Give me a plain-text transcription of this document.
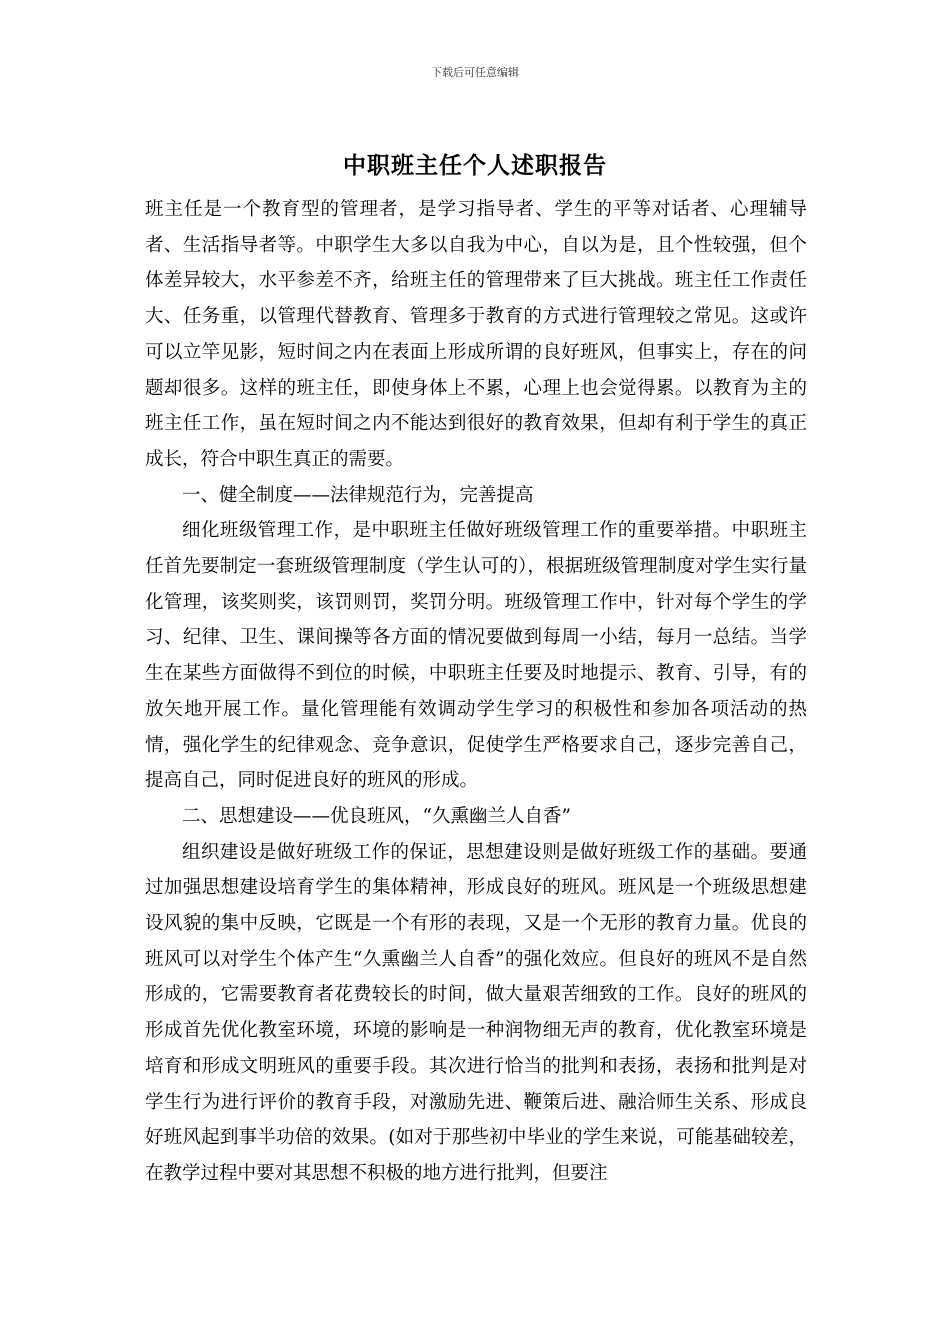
下载后可任意编辑
中职班主任个人述职报告

班主任是一个教育型的管理者，是学习指导者、学生的平等对话者、心理辅导者、生活指导者等。中职学生大多以自我为中心，自以为是，且个性较强，但个体差异较大，水平参差不齐，给班主任的管理带来了巨大挑战。班主任工作责任大、任务重，以管理代替教育、管理多于教育的方式进行管理较之常见。这或许可以立竿见影，短时间之内在表面上形成所谓的良好班风，但事实上，存在的问题却很多。这样的班主任，即使身体上不累，心理上也会觉得累。以教育为主的班主任工作，虽在短时间之内不能达到很好的教育效果，但却有利于学生的真正成长，符合中职生真正的需要。

一、健全制度——法律规范行为，完善提高

细化班级管理工作，是中职班主任做好班级管理工作的重要举措。中职班主任首先要制定一套班级管理制度（学生认可的），根据班级管理制度对学生实行量化管理，该奖则奖，该罚则罚，奖罚分明。班级管理工作中，针对每个学生的学习、纪律、卫生、课间操等各方面的情况要做到每周一小结，每月一总结。当学生在某些方面做得不到位的时候，中职班主任要及时地提示、教育、引导，有的放矢地开展工作。量化管理能有效调动学生学习的积极性和参加各项活动的热情，强化学生的纪律观念、竞争意识，促使学生严格要求自己，逐步完善自己，提高自己，同时促进良好的班风的形成。

二、思想建设——优良班风，“久熏幽兰人自香”

组织建设是做好班级工作的保证，思想建设则是做好班级工作的基础。要通过加强思想建设培育学生的集体精神，形成良好的班风。班风是一个班级思想建设风貌的集中反映，它既是一个有形的表现，又是一个无形的教育力量。优良的班风可以对学生个体产生“久熏幽兰人自香”的强化效应。但良好的班风不是自然形成的，它需要教育者花费较长的时间，做大量艰苦细致的工作。良好的班风的形成首先优化教室环境，环境的影响是一种润物细无声的教育，优化教室环境是培育和形成文明班风的重要手段。其次进行恰当的批判和表扬，表扬和批判是对学生行为进行评价的教育手段，对激励先进、鞭策后进、融洽师生关系、形成良好班风起到事半功倍的效果。(如对于那些初中毕业的学生来说，可能基础较差，在教学过程中要对其思想不积极的地方进行批判，但要注
